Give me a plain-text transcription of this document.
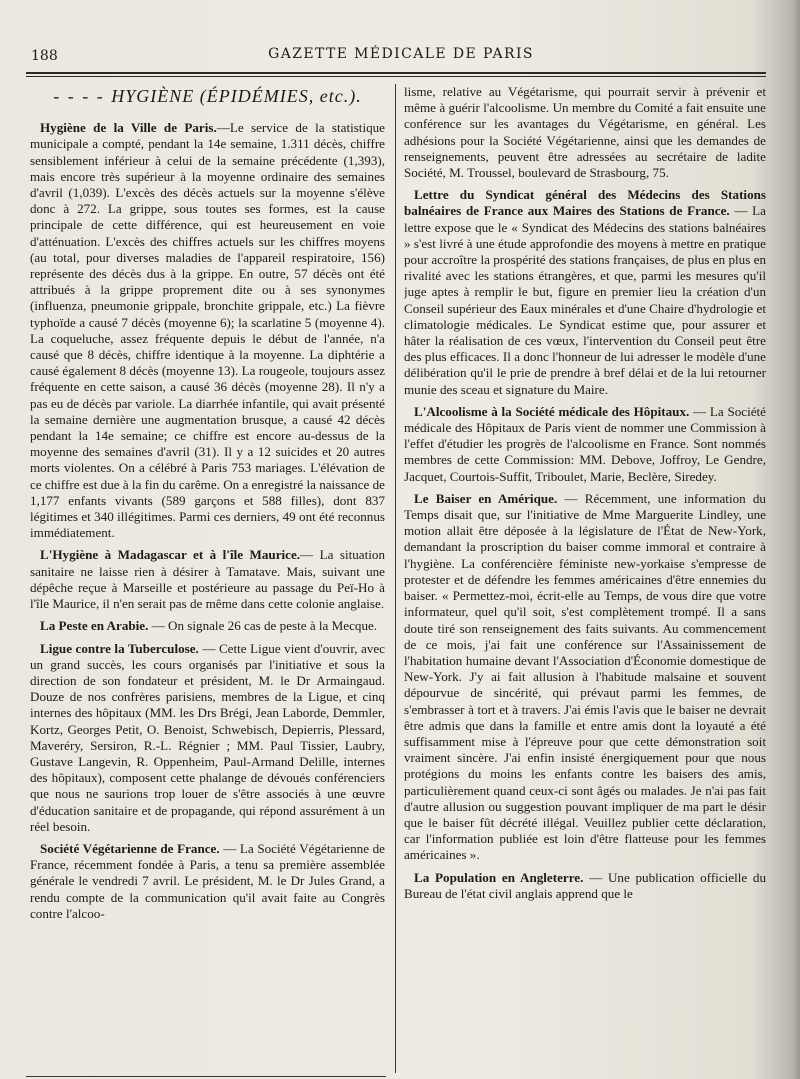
188	GAZETTE MÉDICALE DE PARIS
- - - - HYGIÈNE (ÉPIDÉMIES, etc.).

Hygiène de la Ville de Paris.—Le service de la statistique municipale a compté, pendant la 14e semaine, 1.311 décès, chiffre sensiblement inférieur à celui de la semaine précédente (1,393), mais encore très supérieur à la moyenne ordinaire des semaines d'avril (1,039). L'excès des décès actuels sur la moyenne s'élève donc à 272. La grippe, sous toutes ses formes, est la cause principale de cette différence, qui est heureusement en voie d'atténuation. L'excès des chiffres actuels sur les chiffres moyens (au total, pour diverses maladies de l'appareil respiratoire, 156) représente des décès dus à la grippe. En outre, 57 décès ont été attribués à la grippe proprement dite ou à ses synonymes (influenza, pneumonie grippale, bronchite grippale, etc.) La fièvre typhoïde a causé 7 décès (moyenne 6); la scarlatine 5 (moyenne 4). La coqueluche, assez fréquente depuis le début de l'année, n'a causé que 8 décès, chiffre identique à la moyenne. La diphtérie a causé également 8 décès (moyenne 13). La rougeole, toujours assez fréquente en cette saison, a causé 36 décès (moyenne 28). Il n'y a pas eu de décès par variole. La diarrhée infantile, qui avait présenté la semaine dernière une augmentation brusque, a causé 42 décès pendant la 14e semaine; ce chiffre est encore au-dessus de la moyenne des semaines d'avril (31). Il y a 12 suicides et 20 autres morts violentes. On a célébré à Paris 753 mariages. L'élévation de ce chiffre est due à la fin du carême. On a enregistré la naissance de 1,177 enfants vivants (589 garçons et 588 filles), dont 837 légitimes et 340 illégitimes. Parmi ces derniers, 49 ont été reconnus immédiatement.

L'Hygiène à Madagascar et à l'île Maurice.— La situation sanitaire ne laisse rien à désirer à Tamatave. Mais, suivant une dépêche reçue à Marseille et postérieure au passage du Peï-Ho à l'île Maurice, il n'en serait pas de même dans cette colonie anglaise.

La Peste en Arabie. — On signale 26 cas de peste à la Mecque.

Ligue contre la Tuberculose. — Cette Ligue vient d'ouvrir, avec un grand succès, les cours organisés par l'initiative et sous la direction de son fondateur et président, M. le Dr Armaingaud. Douze de nos confrères parisiens, membres de la Ligue, et cinq internes des hôpitaux (MM. les Drs Brégi, Jean Laborde, Demmler, Kortz, Georges Petit, O. Benoist, Schwebisch, Depierris, Plessard, Maveréry, Sersiron, R.-L. Régnier ; MM. Paul Tissier, Laubry, Gustave Langevin, R. Oppenheim, Paul-Armand Delille, internes des hôpitaux), composent cette phalange de dévoués conférenciers que nous ne saurions trop louer de s'être associés à une œuvre d'éducation sanitaire et de propagande, qui répond assurément à un réel besoin.

Société Végétarienne de France. — La Société Végétarienne de France, récemment fondée à Paris, a tenu sa première assemblée générale le vendredi 7 avril. Le président, M. le Dr Jules Grand, a rendu compte de la communication qu'il avait faite au Congrès contre l'alcoo-

lisme, relative au Végétarisme, qui pourrait servir à prévenir et même à guérir l'alcoolisme. Un membre du Comité a fait ensuite une conférence sur les avantages du Végétarisme, en général. Les adhésions pour la Société Végétarienne, ainsi que les demandes de renseignements, peuvent être adressées au secrétaire de ladite Société, M. Troussel, boulevard de Strasbourg, 75.

Lettre du Syndicat général des Médecins des Stations balnéaires de France aux Maires des Stations de France. — La lettre expose que le « Syndicat des Médecins des stations balnéaires » s'est livré à une étude approfondie des moyens à mettre en pratique pour accroître la prospérité des stations françaises, de plus en plus en rivalité avec les stations étrangères, et que, parmi les mesures qu'il juge aptes à remplir le but, figure en premier lieu la création d'un Conseil supérieur des Eaux minérales et d'une Chaire d'hydrologie et climatologie médicales. Le Syndicat estime que, pour assurer et hâter la réalisation de ces vœux, l'intervention du Conseil peut être des plus efficaces. Il a donc l'honneur de lui adresser le modèle d'une délibération qu'il le prie de prendre à bref délai et de la lui retourner munie des sceau et signature du Maire.

L'Alcoolisme à la Société médicale des Hôpitaux. — La Société médicale des Hôpitaux de Paris vient de nommer une Commission à l'effet d'étudier les progrès de l'alcoolisme en France. Sont nommés membres de cette Commission: MM. Debove, Joffroy, Le Gendre, Jacquet, Courtois-Suffit, Triboulet, Marie, Beclère, Siredey.

Le Baiser en Amérique. — Récemment, une information du Temps disait que, sur l'initiative de Mme Marguerite Lindley, une motion allait être déposée à la législature de l'État de New-York, demandant la proscription du baiser comme immoral et contraire à l'hygiène. La conférencière féministe new-yorkaise s'empresse de protester et de défendre les femmes américaines d'être ennemies du baiser. « Permettez-moi, écrit-elle au Temps, de vous dire que votre informateur, quel qu'il soit, s'est complètement trompé. Il a sans doute tiré son renseignement des faits suivants. Au commencement de ce mois, j'ai fait une conférence sur l'Assainissement de l'habitation humaine devant l'Association d'Économie domestique de New-York. J'y ai fait allusion à l'habitude malsaine et souvent dépourvue de sincérité, qui prévaut parmi les femmes, de s'embrasser à tort et à travers. J'ai émis l'avis que le baiser ne devrait être admis que dans la famille et entre amis dont la loyauté a été suffisamment mise à l'épreuve pour que cette démonstration soit vraiment sincère. J'ai enfin insisté énergiquement pour que nous protégions du moins les enfants contre les baisers des amis, particulièrement quand ceux-ci sont âgés ou malades. Je n'ai pas fait d'autre allusion ou suggestion pouvant impliquer de ma part le désir que le baiser fût décrété illégal. Veuillez publier cette déclaration, car l'information publiée est loin d'être flatteuse pour les femmes américaines ».

La Population en Angleterre. — Une publication officielle du Bureau de l'état civil anglais apprend que le
